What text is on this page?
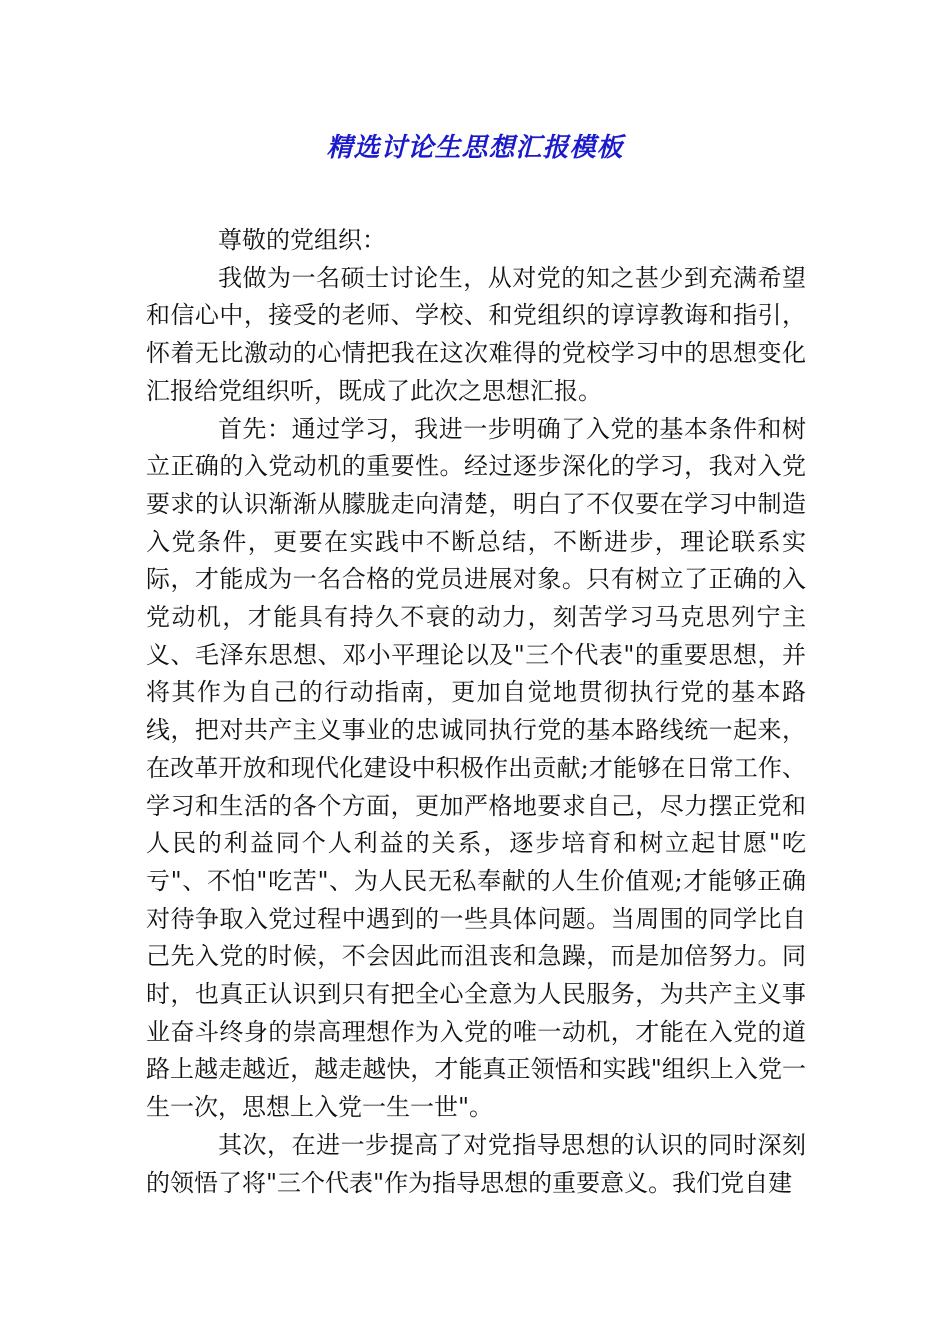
精选讨论生思想汇报模板

尊敬的党组织：

我做为一名硕士讨论生，从对党的知之甚少到充满希望和信心中，接受的老师、学校、和党组织的谆谆教诲和指引，怀着无比激动的心情把我在这次难得的党校学习中的思想变化汇报给党组织听，既成了此次之思想汇报。

首先：通过学习，我进一步明确了入党的基本条件和树立正确的入党动机的重要性。经过逐步深化的学习，我对入党要求的认识渐渐从朦胧走向清楚，明白了不仅要在学习中制造入党条件，更要在实践中不断总结，不断进步，理论联系实际，才能成为一名合格的党员进展对象。只有树立了正确的入党动机，才能具有持久不衰的动力，刻苦学习马克思列宁主义、毛泽东思想、邓小平理论以及"三个代表"的重要思想，并将其作为自己的行动指南，更加自觉地贯彻执行党的基本路线，把对共产主义事业的忠诚同执行党的基本路线统一起来，在改革开放和现代化建设中积极作出贡献;才能够在日常工作、学习和生活的各个方面，更加严格地要求自己，尽力摆正党和人民的利益同个人利益的关系，逐步培育和树立起甘愿"吃亏"、不怕"吃苦"、为人民无私奉献的人生价值观;才能够正确对待争取入党过程中遇到的一些具体问题。当周围的同学比自己先入党的时候，不会因此而沮丧和急躁，而是加倍努力。同时，也真正认识到只有把全心全意为人民服务，为共产主义事业奋斗终身的崇高理想作为入党的唯一动机，才能在入党的道路上越走越近，越走越快，才能真正领悟和实践"组织上入党一生一次，思想上入党一生一世"。

其次，在进一步提高了对党指导思想的认识的同时深刻的领悟了将"三个代表"作为指导思想的重要意义。我们党自建
